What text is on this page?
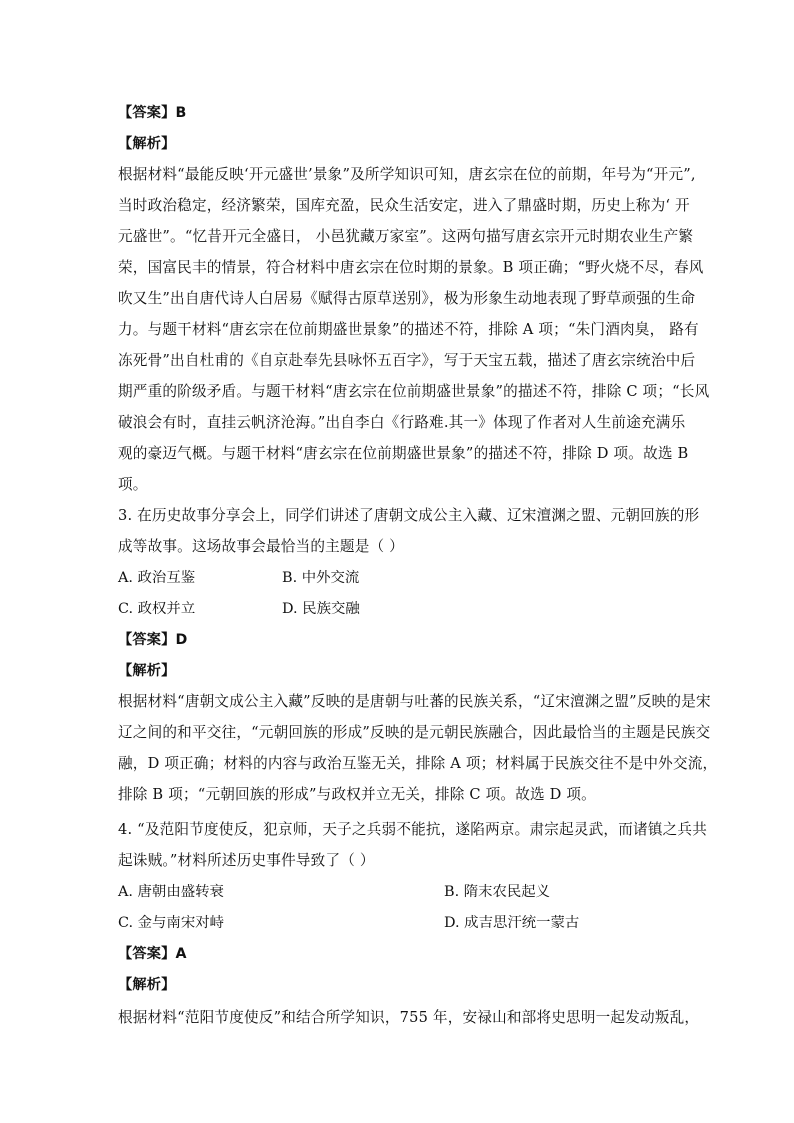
【答案】B
【解析】
根据材料“最能反映‘开元盛世’景象”及所学知识可知，唐玄宗在位的前期，年号为“开元”,
当时政治稳定，经济繁荣，国库充盈，民众生活安定，进入了鼎盛时期，历史上称为‘ 开
元盛世”。“忆昔开元全盛日， 小邑犹藏万家室”。这两句描写唐玄宗开元时期农业生产繁
荣，国富民丰的情景，符合材料中唐玄宗在位时期的景象。B 项正确；“野火烧不尽，春风
吹又生”出自唐代诗人白居易《赋得古原草送别》，极为形象生动地表现了野草顽强的生命
力。与题干材料“唐玄宗在位前期盛世景象”的描述不符，排除 A 项；“朱门酒肉臭， 路有
冻死骨”出自杜甫的《自京赴奉先县咏怀五百字》，写于天宝五载，描述了唐玄宗统治中后
期严重的阶级矛盾。与题干材料“唐玄宗在位前期盛世景象”的描述不符，排除 C 项；“长风
破浪会有时，直挂云帆济沧海。”出自李白《行路难.其一》体现了作者对人生前途充满乐
观的豪迈气概。与题干材料“唐玄宗在位前期盛世景象”的描述不符，排除 D 项。故选 B
项。
3. 在历史故事分享会上，同学们讲述了唐朝文成公主入藏、辽宋澶渊之盟、元朝回族的形
成等故事。这场故事会最恰当的主题是（ ）
A. 政治互鉴	B. 中外交流
C. 政权并立	D. 民族交融
【答案】D
【解析】
根据材料“唐朝文成公主入藏”反映的是唐朝与吐蕃的民族关系，“辽宋澶渊之盟”反映的是宋
辽之间的和平交往，“元朝回族的形成”反映的是元朝民族融合，因此最恰当的主题是民族交
融，D 项正确；材料的内容与政治互鉴无关，排除 A 项；材料属于民族交往不是中外交流，
排除 B 项；“元朝回族的形成”与政权并立无关，排除 C 项。故选 D 项。
4. “及范阳节度使反，犯京师，天子之兵弱不能抗，遂陷两京。肃宗起灵武，而诸镇之兵共
起诛贼。”材料所述历史事件导致了（ ）
A. 唐朝由盛转衰	B. 隋末农民起义
C. 金与南宋对峙	D. 成吉思汗统一蒙古
【答案】A
【解析】
根据材料“范阳节度使反”和结合所学知识，755 年，安禄山和部将史思明一起发动叛乱，
